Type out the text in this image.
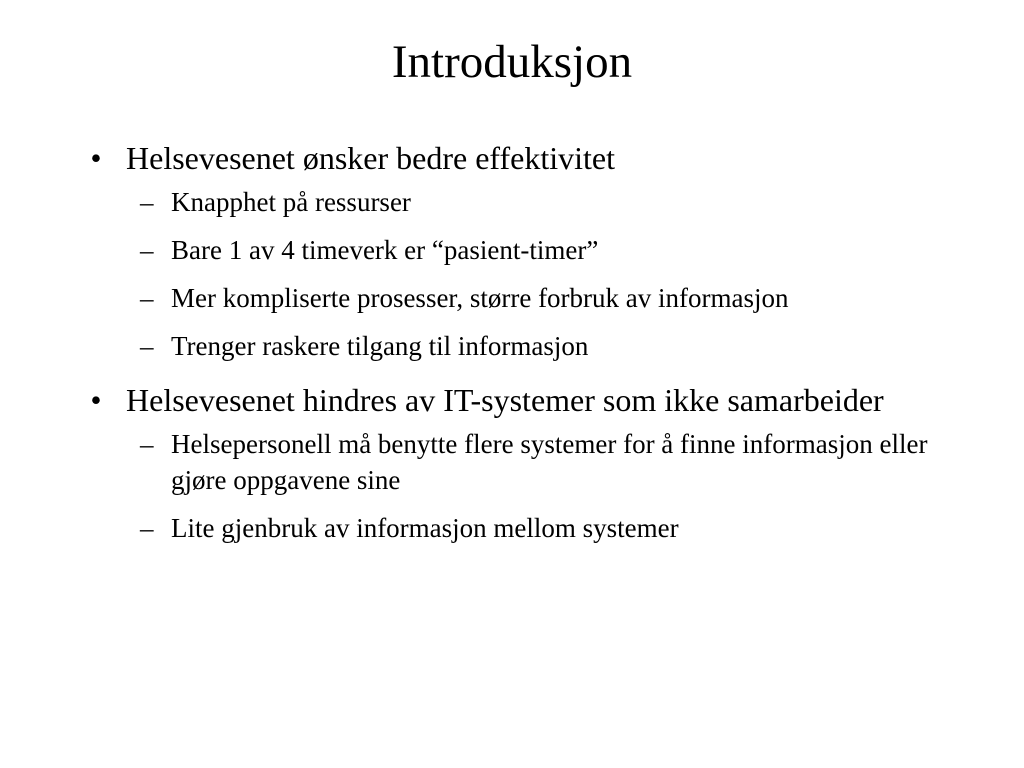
Introduksjon
• Helsevesenet ønsker bedre effektivitet
– Knapphet på ressurser
– Bare 1 av 4 timeverk er “pasient-timer”
– Mer kompliserte prosesser, større forbruk av informasjon
– Trenger raskere tilgang til informasjon
• Helsevesenet hindres av IT-systemer som ikke samarbeider
– Helsepersonell må benytte flere systemer for å finne informasjon eller gjøre oppgavene sine
– Lite gjenbruk av informasjon mellom systemer
